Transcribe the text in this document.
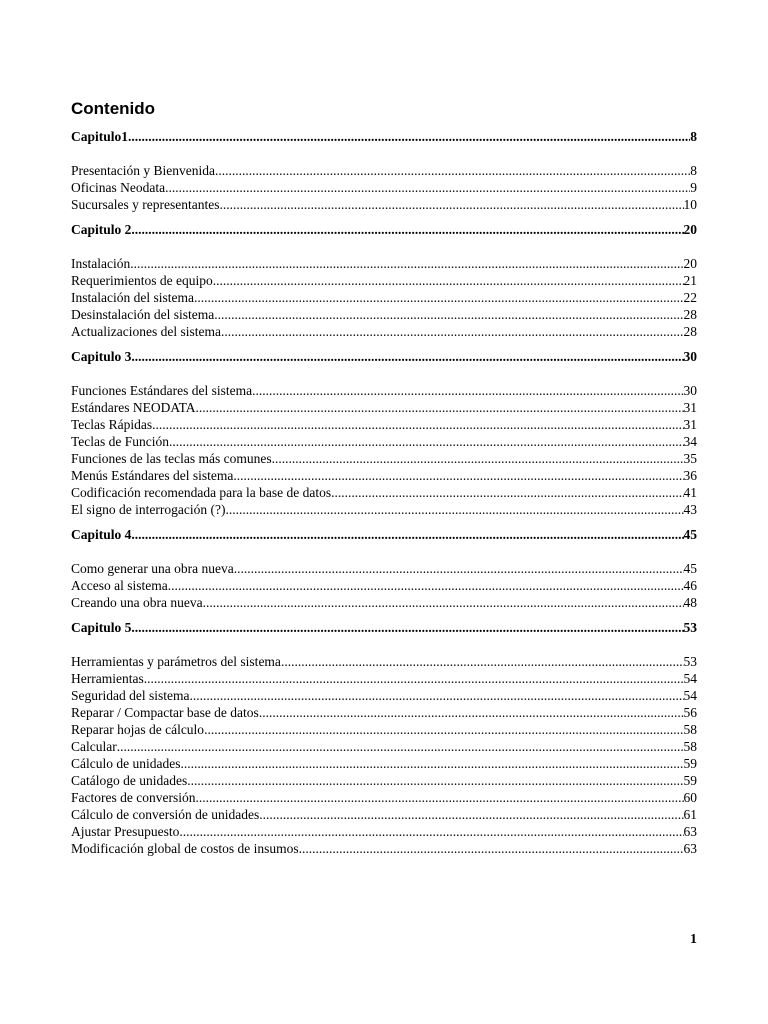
Contenido
Capitulo1 .....	8
Presentación y Bienvenida .....	8
Oficinas Neodata .....	9
Sucursales y representantes .....	10
Capitulo 2 .....	20
Instalación .....	20
Requerimientos de equipo .....	21
Instalación del sistema .....	22
Desinstalación del sistema .....	28
Actualizaciones del sistema .....	28
Capitulo 3 .....	30
Funciones Estándares del sistema .....	30
Estándares NEODATA .....	31
Teclas Rápidas .....	31
Teclas de Función .....	34
Funciones de las teclas más comunes .....	35
Menús Estándares del sistema .....	36
Codificación recomendada para la base de datos .....	41
El signo de interrogación (?) .....	43
Capitulo 4 .....	45
Como generar una obra nueva .....	45
Acceso al sistema .....	46
Creando una obra nueva .....	48
Capitulo 5 .....	53
Herramientas y parámetros del sistema .....	53
Herramientas .....	54
Seguridad del sistema .....	54
Reparar / Compactar base de datos .....	56
Reparar hojas de cálculo .....	58
Calcular .....	58
Cálculo de unidades .....	59
Catálogo de unidades .....	59
Factores de conversión .....	60
Cálculo de conversión de unidades .....	61
Ajustar Presupuesto .....	63
Modificación global de costos de insumos .....	63
1
